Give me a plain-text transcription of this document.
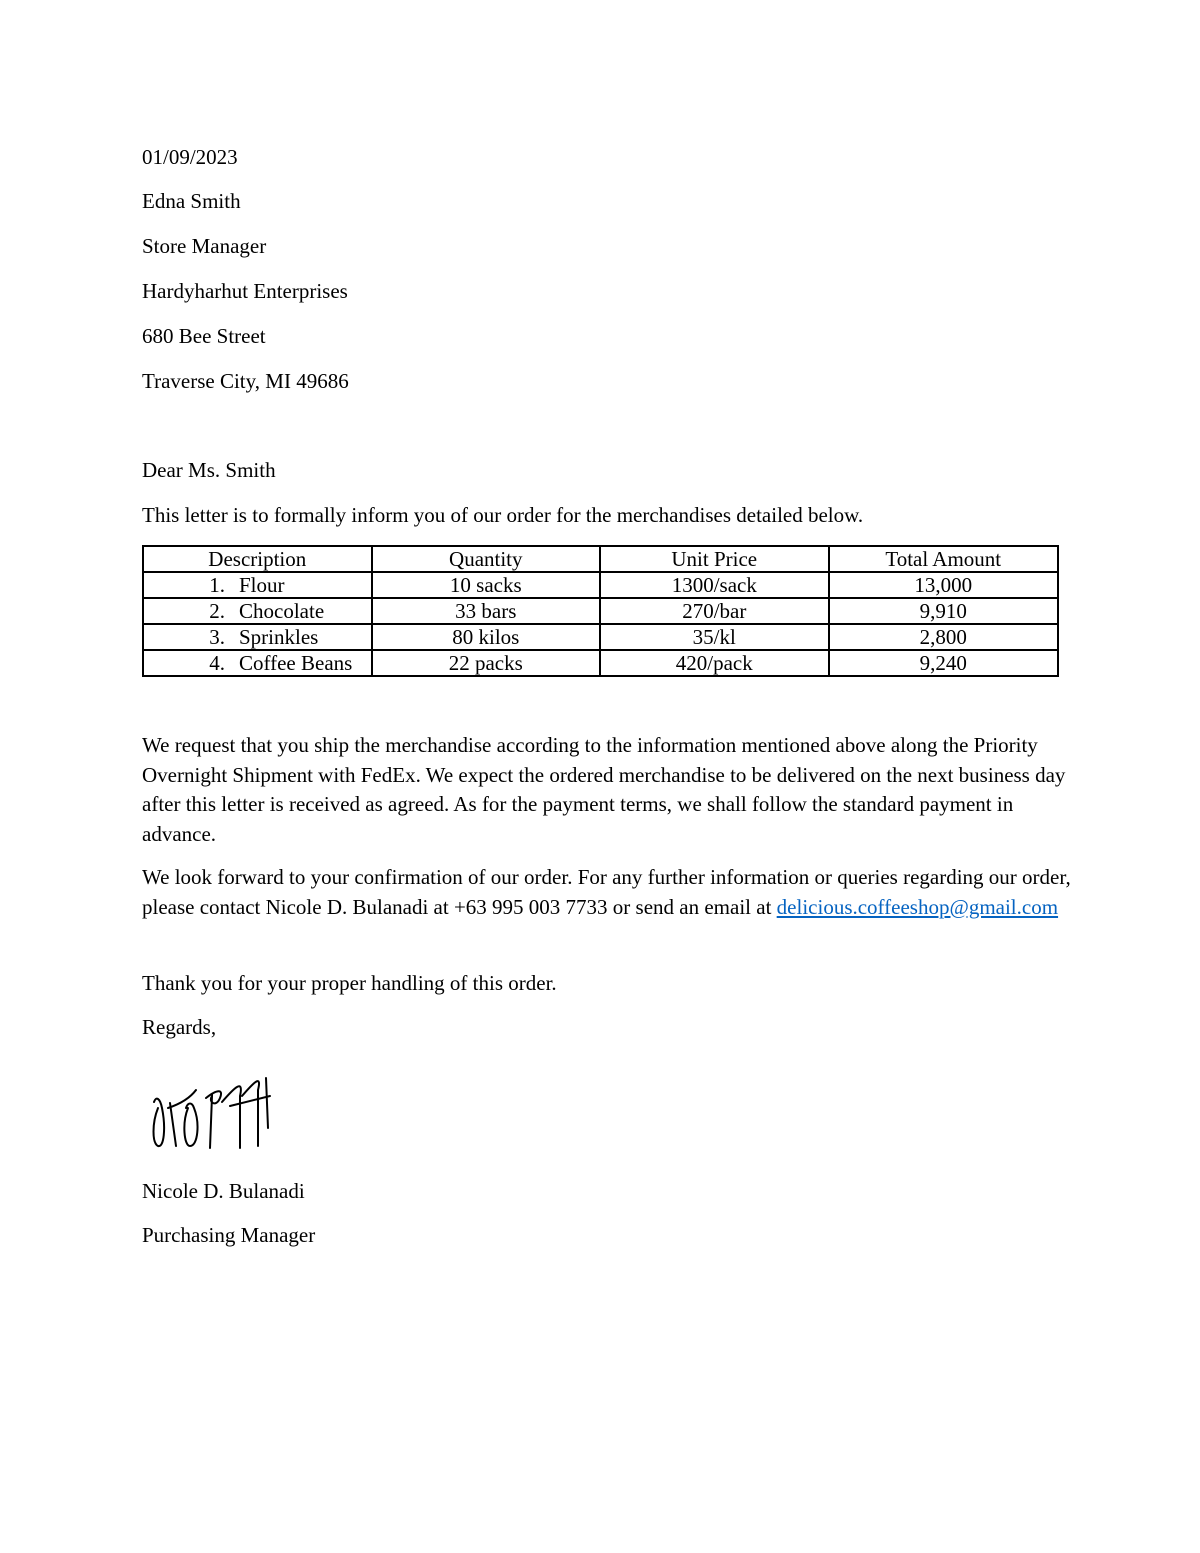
01/09/2023
Edna Smith
Store Manager
Hardyharhut Enterprises
680 Bee Street
Traverse City, MI 49686
Dear Ms. Smith
This letter is to formally inform you of our order for the merchandises detailed below.
Description	Quantity	Unit Price	Total Amount
1. Flour	10 sacks	1300/sack	13,000
2. Chocolate	33 bars	270/bar	9,910
3. Sprinkles	80 kilos	35/kl	2,800
4. Coffee Beans	22 packs	420/pack	9,240

We request that you ship the merchandise according to the information mentioned above along the Priority Overnight Shipment with FedEx. We expect the ordered merchandise to be delivered on the next business day after this letter is received as agreed. As for the payment terms, we shall follow the standard payment in advance.

We look forward to your confirmation of our order. For any further information or queries regarding our order, please contact Nicole D. Bulanadi at +63 995 003 7733 or send an email at delicious.coffeeshop@gmail.com

Thank you for your proper handling of this order.
Regards,
Nicole D. Bulanadi
Purchasing Manager
